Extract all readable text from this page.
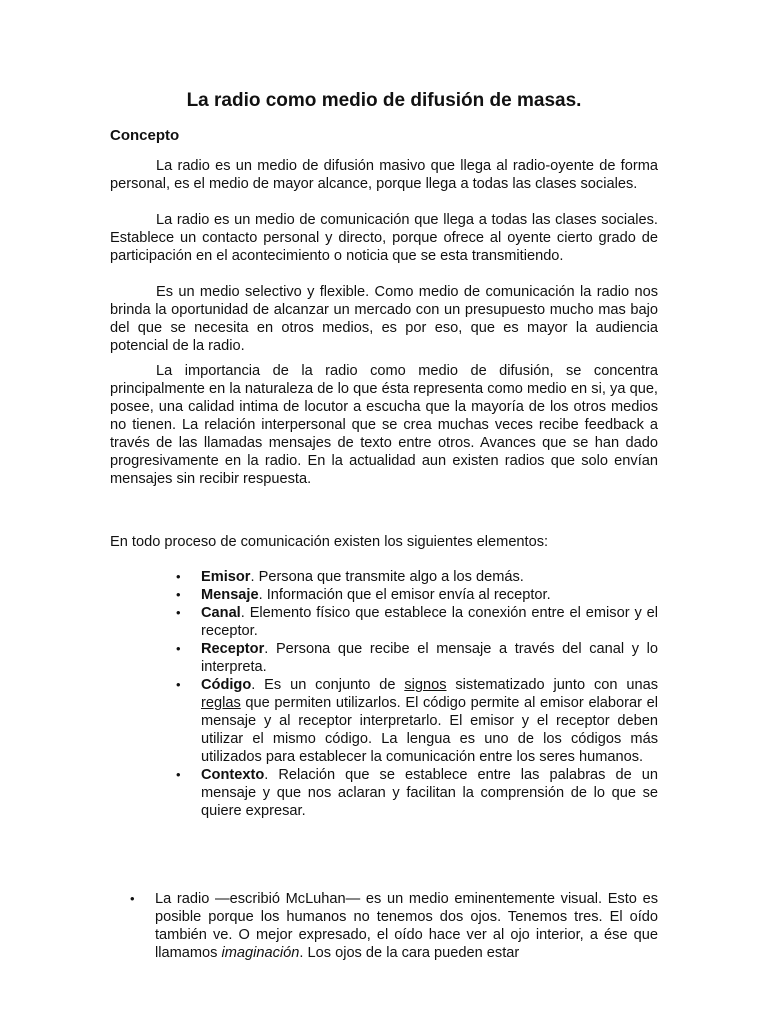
La radio como medio de difusión de masas.
Concepto

La radio es un medio de difusión masivo que llega al radio-oyente de forma personal, es el medio de mayor alcance, porque llega a todas las clases sociales.

La radio es un medio de comunicación que llega a todas las clases sociales. Establece un contacto personal y directo, porque ofrece al oyente cierto grado de participación en el acontecimiento o noticia que se esta transmitiendo.

Es un medio selectivo y flexible. Como medio de comunicación la radio nos brinda la oportunidad de alcanzar un mercado con un presupuesto mucho mas bajo del que se necesita en otros medios, es por eso, que es mayor la audiencia potencial de la radio.

La importancia de la radio como medio de difusión, se concentra principalmente en la naturaleza de lo que ésta representa como medio en si, ya que, posee, una calidad intima de locutor a escucha que la mayoría de los otros medios no tienen. La relación interpersonal que se crea muchas veces recibe feedback a través de las llamadas mensajes de texto entre otros. Avances que se han dado progresivamente en la radio. En la actualidad aun existen radios que solo envían mensajes sin recibir respuesta.

En todo proceso de comunicación existen los siguientes elementos:

• Emisor. Persona que transmite algo a los demás.
• Mensaje. Información que el emisor envía al receptor.
• Canal. Elemento físico que establece la conexión entre el emisor y el receptor.
• Receptor. Persona que recibe el mensaje a través del canal y lo interpreta.
• Código. Es un conjunto de signos sistematizado junto con unas reglas que permiten utilizarlos. El código permite al emisor elaborar el mensaje y al receptor interpretarlo. El emisor y el receptor deben utilizar el mismo código. La lengua es uno de los códigos más utilizados para establecer la comunicación entre los seres humanos.
• Contexto. Relación que se establece entre las palabras de un mensaje y que nos aclaran y facilitan la comprensión de lo que se quiere expresar.
• La radio —escribió McLuhan— es un medio eminentemente visual. Esto es posible porque los humanos no tenemos dos ojos. Tenemos tres. El oído también ve. O mejor expresado, el oído hace ver al ojo interior, a ése que llamamos imaginación. Los ojos de la cara pueden estar
